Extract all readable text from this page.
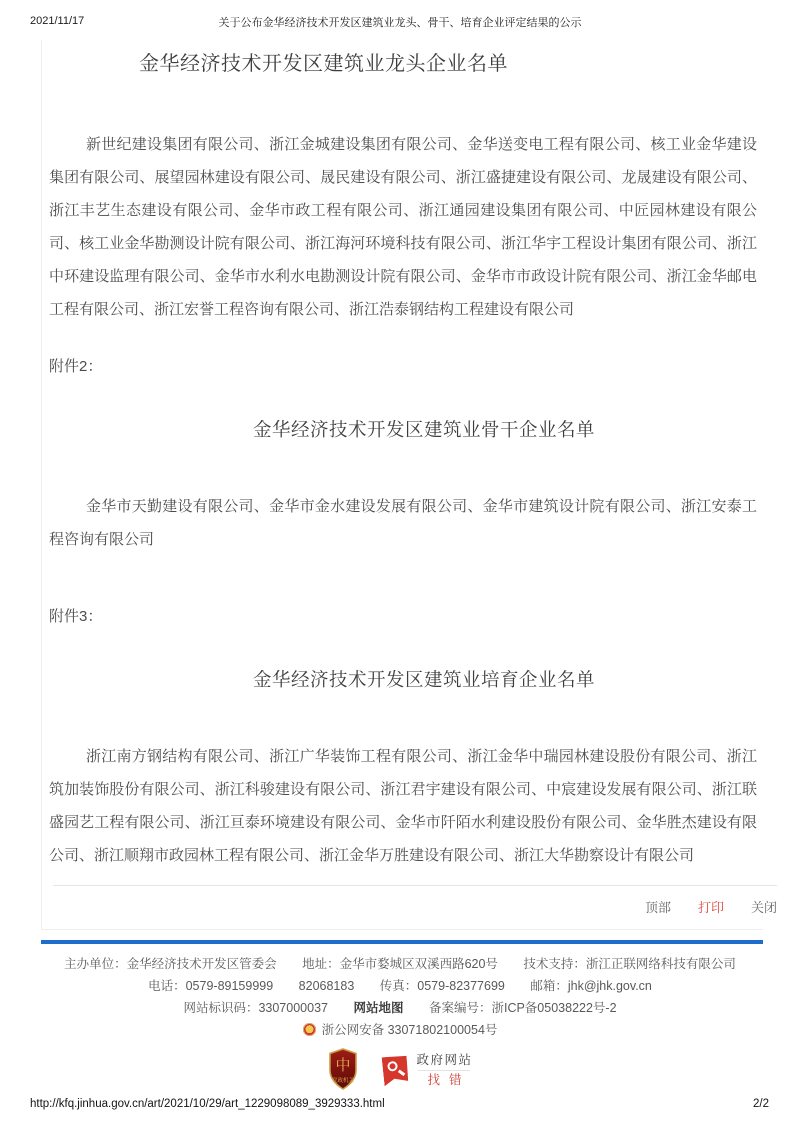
2021/11/17	关于公布金华经济技术开发区建筑业龙头、骨干、培育企业评定结果的公示
金华经济技术开发区建筑业龙头企业名单

新世纪建设集团有限公司、浙江金城建设集团有限公司、金华送变电工程有限公司、核工业金华建设集团有限公司、展望园林建设有限公司、晟民建设有限公司、浙江盛捷建设有限公司、龙晟建设有限公司、浙江丰艺生态建设有限公司、金华市政工程有限公司、浙江通园建设集团有限公司、中匠园林建设有限公司、核工业金华勘测设计院有限公司、浙江海河环境科技有限公司、浙江华宇工程设计集团有限公司、浙江中环建设监理有限公司、金华市水利水电勘测设计院有限公司、金华市市政设计院有限公司、浙江金华邮电工程有限公司、浙江宏誉工程咨询有限公司、浙江浩泰钢结构工程建设有限公司

附件2：

金华经济技术开发区建筑业骨干企业名单

金华市天勤建设有限公司、金华市金水建设发展有限公司、金华市建筑设计院有限公司、浙江安泰工程咨询有限公司

附件3：

金华经济技术开发区建筑业培育企业名单

浙江南方钢结构有限公司、浙江广华装饰工程有限公司、浙江金华中瑞园林建设股份有限公司、浙江筑加装饰股份有限公司、浙江科骏建设有限公司、浙江君宇建设有限公司、中宸建设发展有限公司、浙江联盛园艺工程有限公司、浙江亘泰环境建设有限公司、金华市阡陌水利建设股份有限公司、金华胜杰建设有限公司、浙江顺翔市政园林工程有限公司、浙江金华万胜建设有限公司、浙江大华勘察设计有限公司

顶部 打印 关闭
主办单位：金华经济技术开发区管委会 地址：金华市婺城区双溪西路620号 技术支持：浙江正联网络科技有限公司
电话：0579-89159999 82068183 传真：0579-82377699 邮箱：jhk@jhk.gov.cn
网站标识码：3307000037 网站地图 备案编号：浙ICP备05038222号-2
浙公网安备 33071802100054号
中
党政机关
政府网站
找错
http://kfq.jinhua.gov.cn/art/2021/10/29/art_1229098089_3929333.html	2/2
